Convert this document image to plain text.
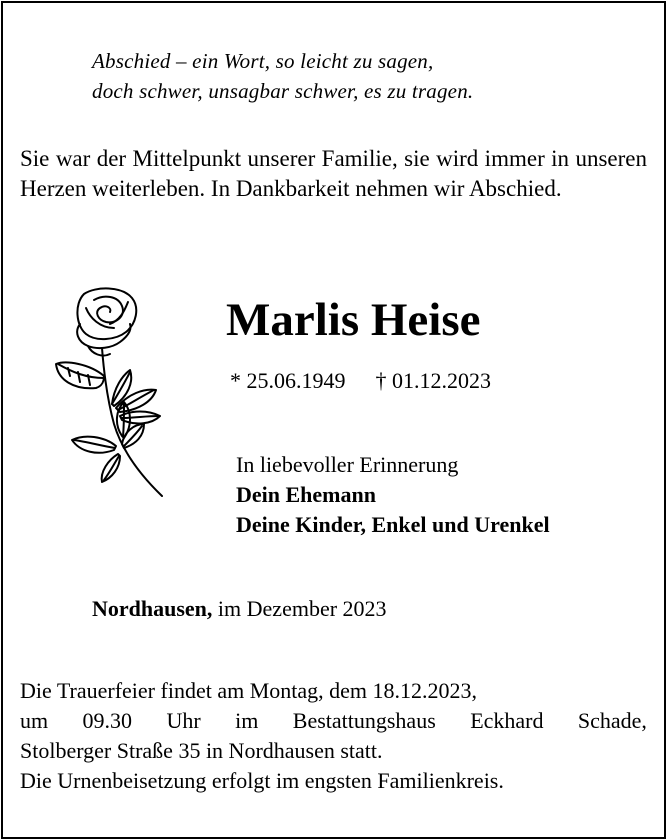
Abschied – ein Wort, so leicht zu sagen,
doch schwer, unsagbar schwer, es zu tragen.
Sie war der Mittelpunkt unserer Familie, sie wird immer in unseren Herzen weiterleben. In Dankbarkeit nehmen wir Abschied.
Marlis Heise
* 25.06.1949 † 01.12.2023
In liebevoller Erinnerung
Dein Ehemann
Deine Kinder, Enkel und Urenkel
Nordhausen, im Dezember 2023
Die Trauerfeier findet am Montag, dem 18.12.2023,
um 09.30 Uhr im Bestattungshaus Eckhard Schade,
Stolberger Straße 35 in Nordhausen statt.
Die Urnenbeisetzung erfolgt im engsten Familienkreis.
